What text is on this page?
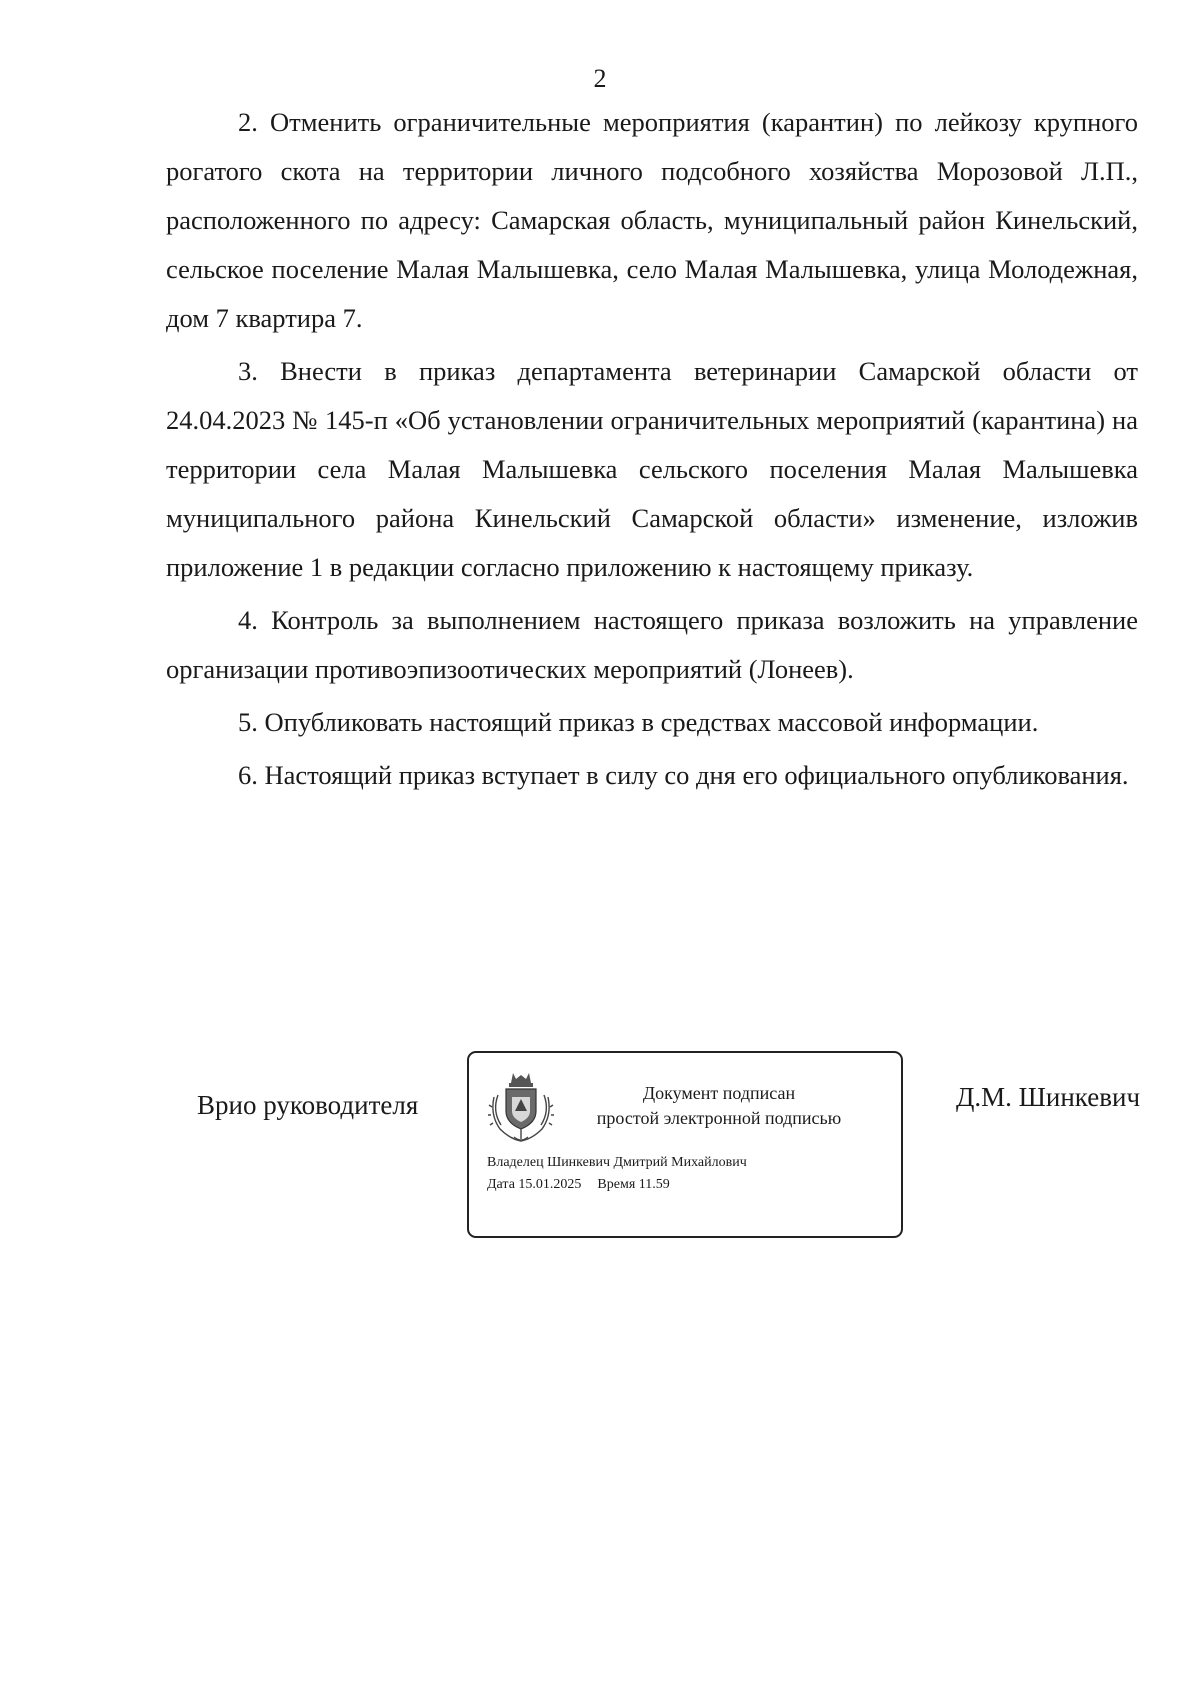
2

2. Отменить ограничительные мероприятия (карантин) по лейкозу крупного рогатого скота на территории личного подсобного хозяйства Морозовой Л.П., расположенного по адресу: Самарская область, муниципальный район Кинельский, сельское поселение Малая Малышевка, село Малая Малышевка, улица Молодежная, дом 7 квартира 7.

3. Внести в приказ департамента ветеринарии Самарской области от 24.04.2023 № 145-п «Об установлении ограничительных мероприятий (карантина) на территории села Малая Малышевка сельского поселения Малая Малышевка муниципального района Кинельский Самарской области» изменение, изложив приложение 1 в редакции согласно приложению к настоящему приказу.

4. Контроль за выполнением настоящего приказа возложить на управление организации противоэпизоотических мероприятий (Лонеев).

5. Опубликовать настоящий приказ в средствах массовой информации.

6. Настоящий приказ вступает в силу со дня его официального опубликования.

Врио руководителя	Документ подписан
простой электронной подписью
Владелец Шинкевич Дмитрий Михайлович
Дата 15.01.2025 Время 11.59
Д.М. Шинкевич
